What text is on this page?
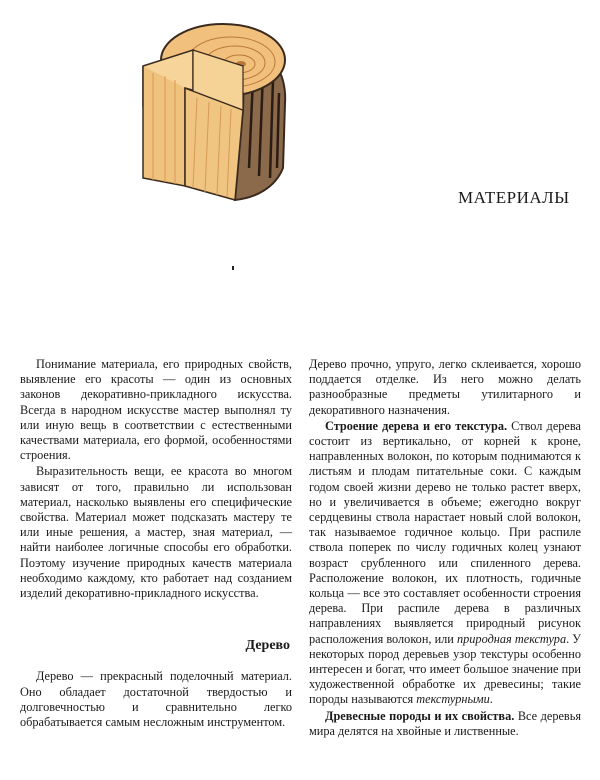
МАТЕРИАЛЫ

Понимание материала, его природных свойств, выявление его красоты — один из основных законов декоративно-прикладного искусства. Всегда в народном искусстве мастер выполнял ту или иную вещь в соответствии с естественными качествами материала, его формой, особенностями строения.

Выразительность вещи, ее красота во многом зависят от того, правильно ли использован материал, насколько выявлены его специфические свойства. Материал может подсказать мастеру те или иные решения, а мастер, зная материал, — найти наиболее логичные способы его обработки. Поэтому изучение природных качеств материала необходимо каждому, кто работает над созданием изделий декоративно-прикладного искусства.

Дерево

Дерево — прекрасный поделочный материал. Оно обладает достаточной твердостью и долговечностью и сравнительно легко обрабатывается самым несложным инструментом.

Дерево прочно, упруго, легко склеивается, хорошо поддается отделке. Из него можно делать разнообразные предметы утилитарного и декоративного назначения.

Строение дерева и его текстура. Ствол дерева состоит из вертикально, от корней к кроне, направленных волокон, по которым поднимаются к листьям и плодам питательные соки. С каждым годом своей жизни дерево не только растет вверх, но и увеличивается в объеме; ежегодно вокруг сердцевины ствола нарастает новый слой волокон, так называемое годичное кольцо. При распиле ствола поперек по числу годичных колец узнают возраст срубленного или спиленного дерева. Расположение волокон, их плотность, годичные кольца — все это составляет особенности строения дерева. При распиле дерева в различных направлениях выявляется природный рисунок расположения волокон, или природная текстура. У некоторых пород деревьев узор текстуры особенно интересен и богат, что имеет большое значение при художественной обработке их древесины; такие породы называются текстурными.

Древесные породы и их свойства. Все деревья мира делятся на хвойные и лиственные.
